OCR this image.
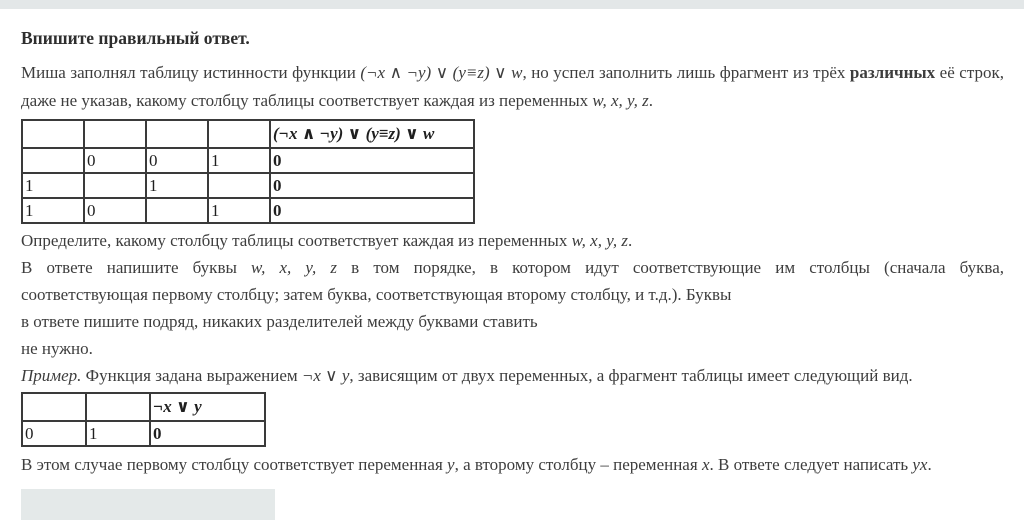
Впишите правильный ответ.

Миша заполнял таблицу истинности функции (¬x ∧ ¬y) ∨ (y≡z) ∨ w, но успел заполнить лишь фрагмент из трёх различных её строк, даже не указав, какому столбцу таблицы соответствует каждая из переменных w, x, y, z.

				(¬x ∧ ¬y) ∨ (y≡z) ∨ w
	0	0	1	0
1		1		0
1	0		1	0
Определите, какому столбцу таблицы соответствует каждая из переменных w, x, y, z.
В ответе напишите буквы w, x, y, z в том порядке, в котором идут соответствующие им столбцы (сначала буква,
соответствующая первому столбцу; затем буква, соответствующая второму столбцу, и т.д.). Буквы
в ответе пишите подряд, никаких разделителей между буквами ставить
не нужно.
Пример. Функция задана выражением ¬x ∨ y, зависящим от двух переменных, а фрагмент таблицы имеет следующий вид.
		¬x ∨ y
0	1	0
В этом случае первому столбцу соответствует переменная y, а второму столбцу – переменная x. В ответе следует написать yx.
